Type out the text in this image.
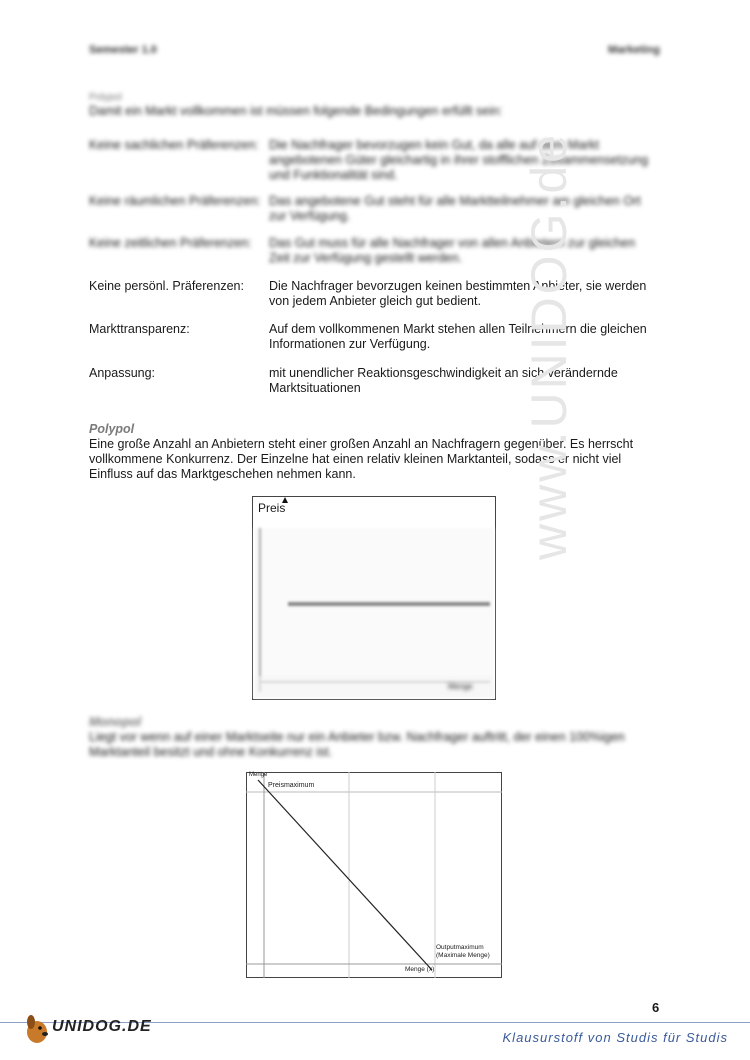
Semester 1.0	Marketing
Polypol
Damit ein Markt vollkommen ist müssen folgende Bedingungen erfüllt sein:
Keine sachlichen Präferenzen: Die Nachfrager bevorzugen kein Gut, da alle auf dem Markt angebotenen Güter gleichartig in ihrer stofflichen Zusammensetzung und Funktionalität sind.
Keine räumlichen Präferenzen: Das angebotene Gut steht für alle Marktteilnehmer am gleichen Ort zur Verfügung.
Keine zeitlichen Präferenzen:	Das Gut muss für alle Nachfrager von allen Anbietern zur gleichen Zeit zur Verfügung gestellt werden.
Keine persönl. Präferenzen:	Die Nachfrager bevorzugen keinen bestimmten Anbieter, sie werden von jedem Anbieter gleich gut bedient.
Markttransparenz:	Auf dem vollkommenen Markt stehen allen Teilnehmern die gleichen Informationen zur Verfügung.
Anpassung:	mit unendlicher Reaktionsgeschwindigkeit an sich verändernde Marktsituationen
Polypol
Eine große Anzahl an Anbietern steht einer großen Anzahl an Nachfragern gegenüber. Es herrscht vollkommene Konkurrenz. Der Einzelne hat einen relativ kleinen Marktanteil, sodass er nicht viel Einfluss auf das Marktgeschehen nehmen kann.
Preis
Menge
Monopol
Liegt vor wenn auf einer Marktseite nur ein Anbieter bzw. Nachfrager auftritt, der einen 100%igen Marktanteil besitzt und ohne Konkurrenz ist.
Menge
Preismaximum
Outputmaximum
(Maximale Menge)
Menge (x)
www.UNIDOG.de
6
UNIDOG.DE
Klausurstoff von Studis für Studis
